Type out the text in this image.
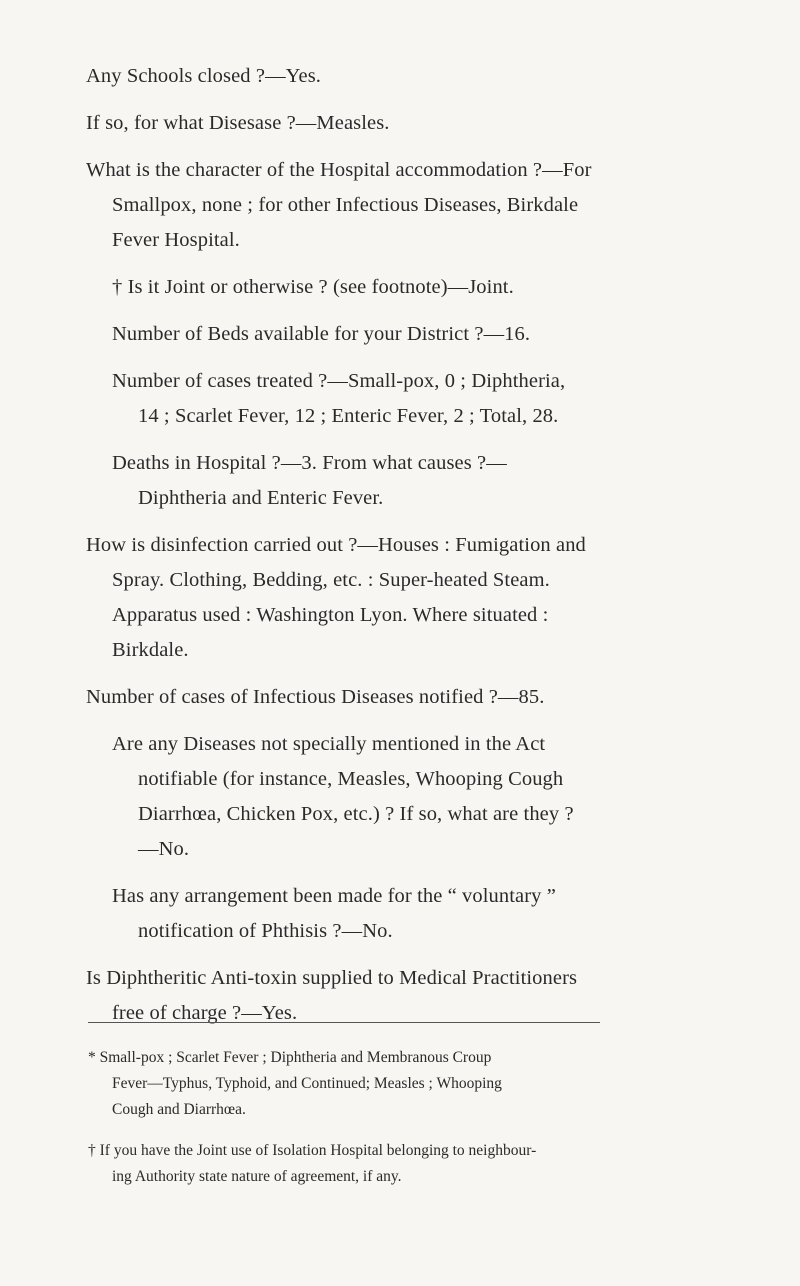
Any Schools closed ?—Yes.

If so, for what Disesase ?—Measles.

What is the character of the Hospital accommodation ?—For

Smallpox, none ; for other Infectious Diseases, Birkdale

Fever Hospital.

† Is it Joint or otherwise ? (see footnote)—Joint.

Number of Beds available for your District ?—16.

Number of cases treated ?—Small-pox, 0 ; Diphtheria,

14 ; Scarlet Fever, 12 ; Enteric Fever, 2 ; Total, 28.

Deaths in Hospital ?—3. From what causes ?—

Diphtheria and Enteric Fever.

How is disinfection carried out ?—Houses : Fumigation and

Spray. Clothing, Bedding, etc. : Super-heated Steam.

Apparatus used : Washington Lyon. Where situated :

Birkdale.

Number of cases of Infectious Diseases notified ?—85.

Are any Diseases not specially mentioned in the Act

notifiable (for instance, Measles, Whooping Cough

Diarrhœa, Chicken Pox, etc.) ? If so, what are they ?

—No.

Has any arrangement been made for the “ voluntary ”

notification of Phthisis ?—No.

Is Diphtheritic Anti-toxin supplied to Medical Practitioners

free of charge ?—Yes.

* Small-pox ; Scarlet Fever ; Diphtheria and Membranous Croup

Fever—Typhus, Typhoid, and Continued; Measles ; Whooping

Cough and Diarrhœa.

† If you have the Joint use of Isolation Hospital belonging to neighbour-

ing Authority state nature of agreement, if any.
